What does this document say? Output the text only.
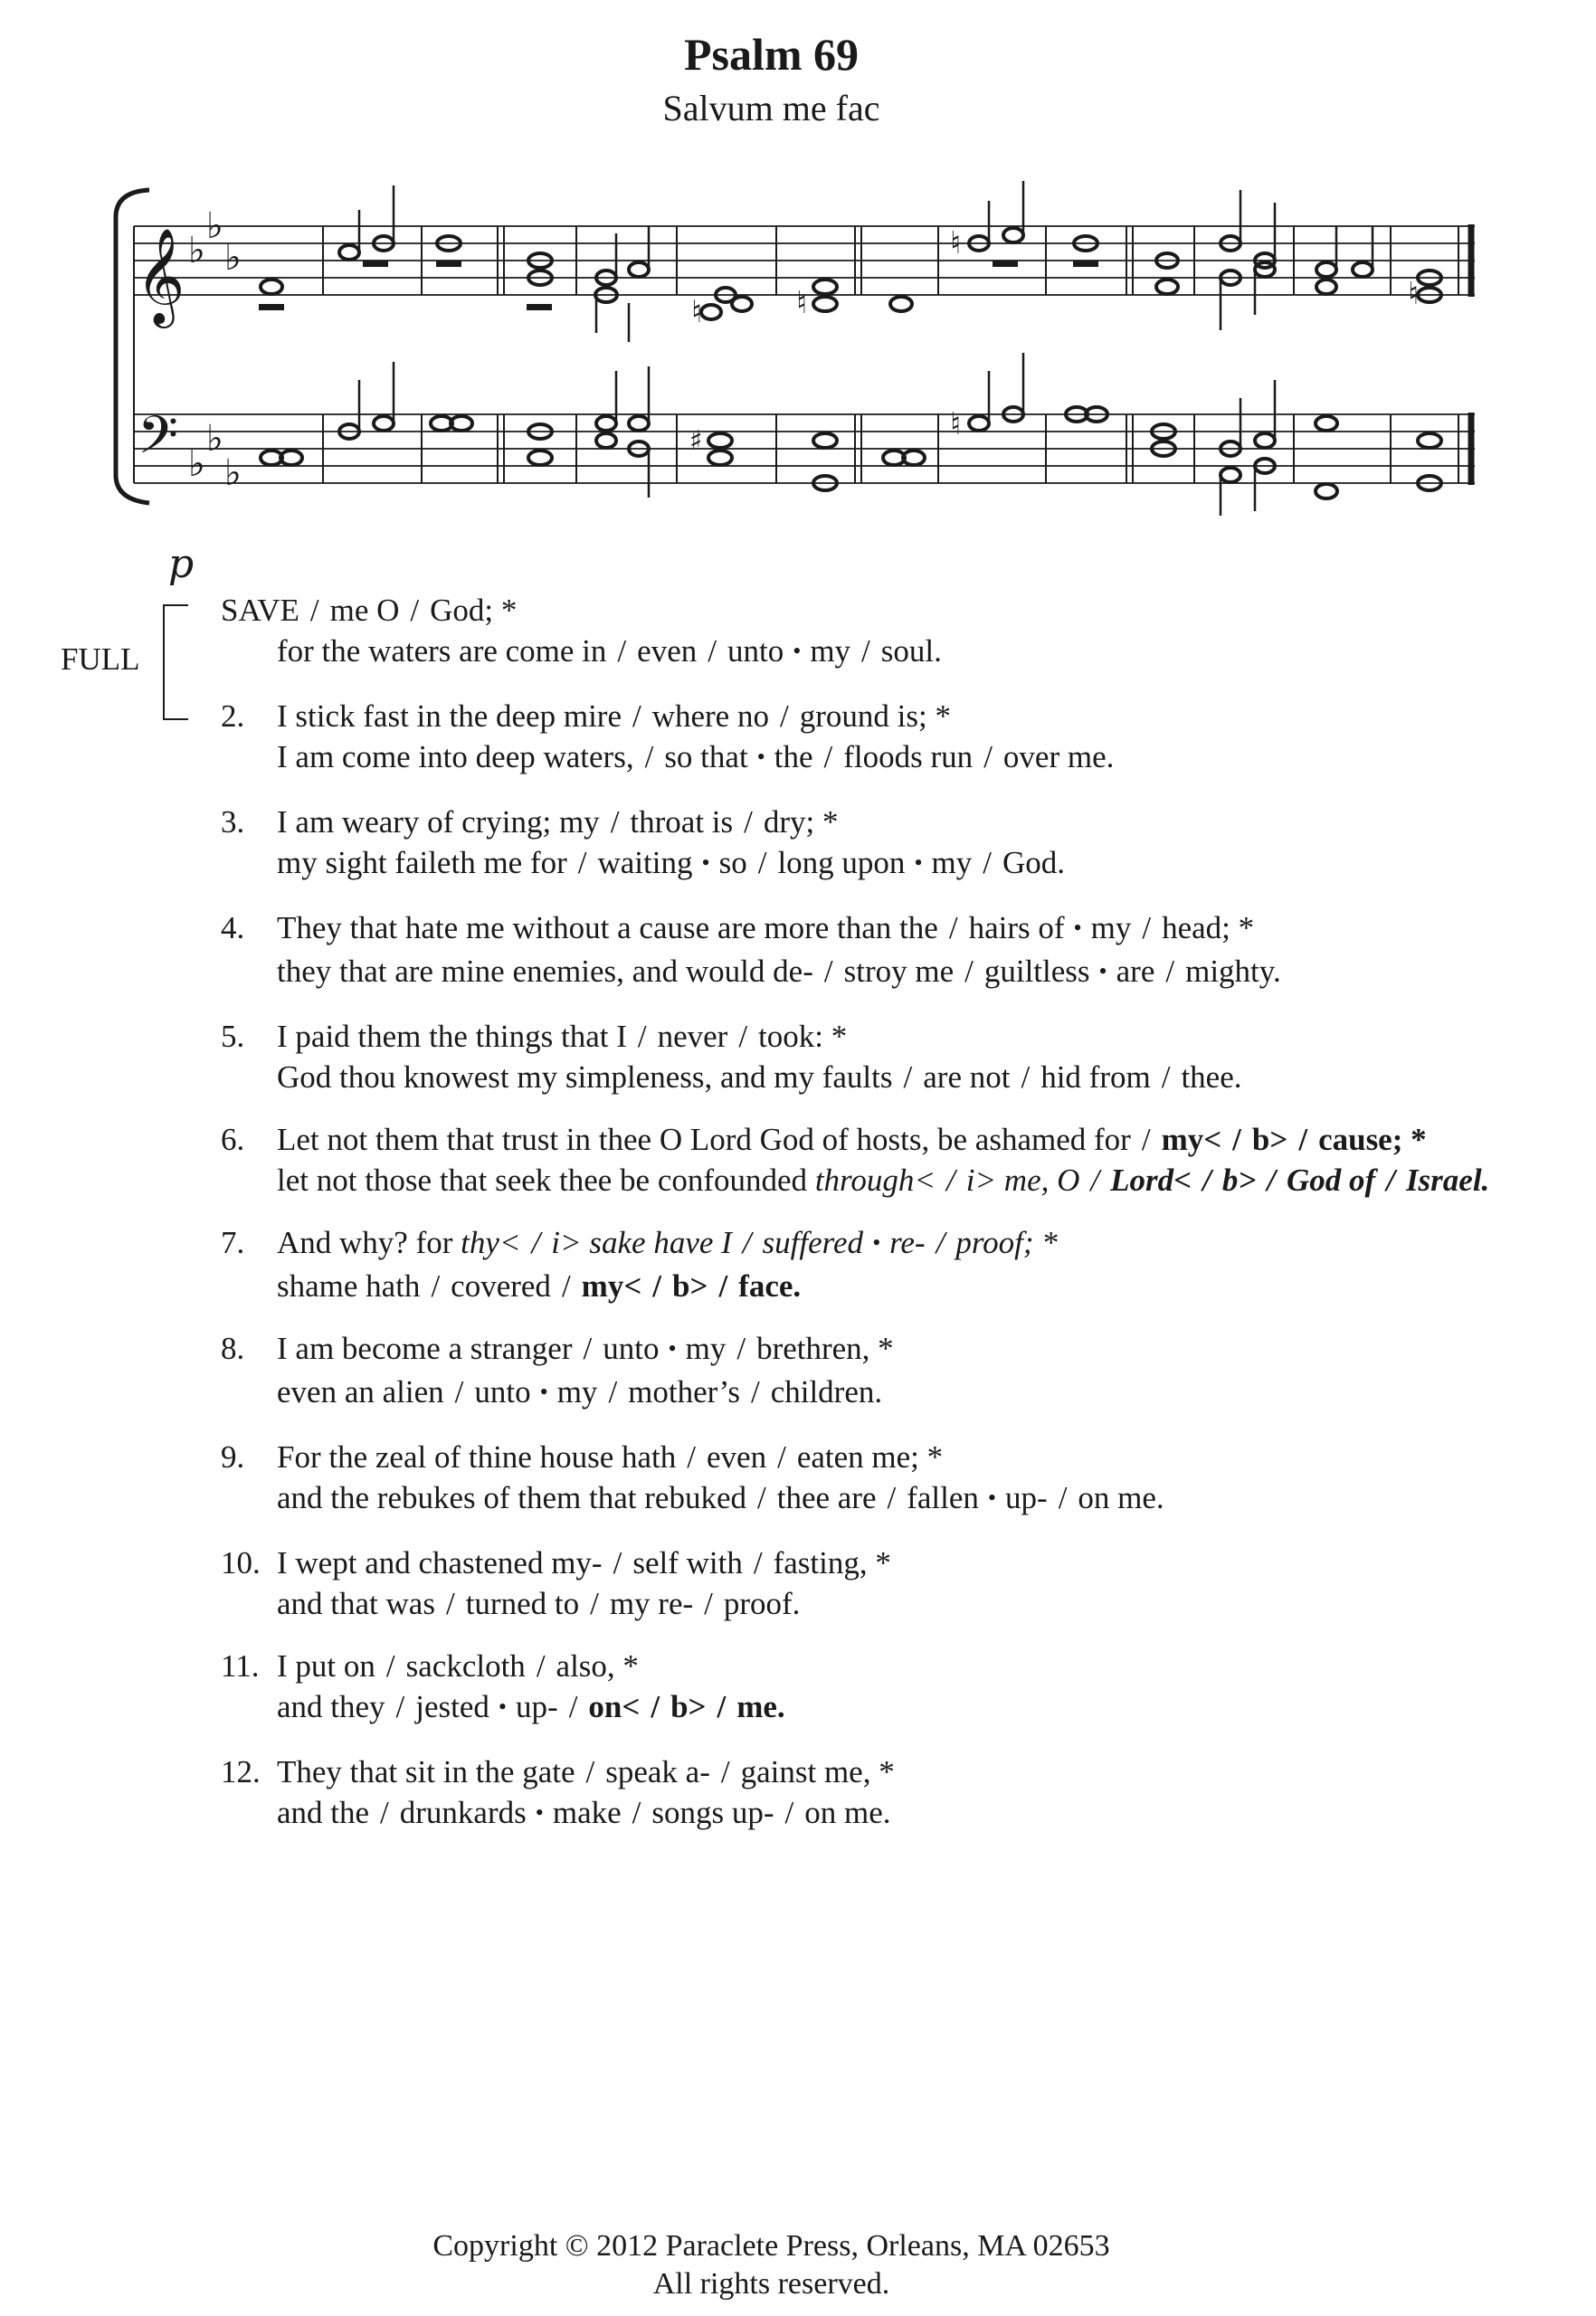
Psalm 69
Salvum me fac
𝄞
𝄢
♭
♭
♭
♭
♭
♭
♮	♮
♮
♮
♮
♯
p
FULL
SAVE / me O / God; *
for the waters are come in / even / unto • my / soul.
2. I stick fast in the deep mire / where no / ground is; *
I am come into deep waters, / so that • the / floods run / over me.
3. I am weary of crying; my / throat is / dry; *
my sight faileth me for / waiting • so / long upon • my / God.
4. They that hate me without a cause are more than the / hairs of • my / head; *
they that are mine enemies, and would de- / stroy me / guiltless • are / mighty.
5. I paid them the things that I / never / took: *
God thou knowest my simpleness, and my faults / are not / hid from / thee.
6. Let not them that trust in thee O Lord God of hosts, be ashamed for / my< / b> / cause; *
let not those that seek thee be confounded through< / i> me, O / Lord< / b> / God of / Israel.
7. And why? for thy< / i> sake have I / suffered • re- / proof; *
shame hath / covered / my< / b> / face.
8. I am become a stranger / unto • my / brethren, *
even an alien / unto • my / mother’s / children.
9. For the zeal of thine house hath / even / eaten me; *
and the rebukes of them that rebuked / thee are / fallen • up- / on me.
10. I wept and chastened my- / self with / fasting, *
and that was / turned to / my re- / proof.
11. I put on / sackcloth / also, *
and they / jested • up- / on< / b> / me.
12. They that sit in the gate / speak a- / gainst me, *
and the / drunkards • make / songs up- / on me.
Copyright © 2012 Paraclete Press, Orleans, MA 02653
All rights reserved.
